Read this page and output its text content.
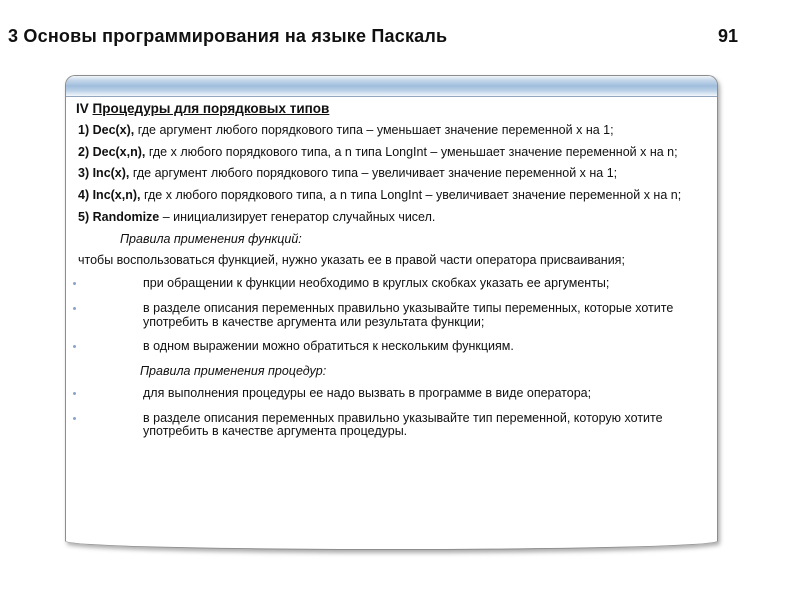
3 Основы программирования на языке Паскаль	91
IV Процедуры для порядковых типов

1) Dec(x), где аргумент любого порядкового типа – уменьшает значение переменной x на 1;

2) Dec(x,n), где x любого порядкового типа, а n типа LongInt – уменьшает значение переменной x на n;

3) Inc(x), где аргумент любого порядкового типа – увеличивает значение переменной x на 1;

4) Inc(x,n), где x любого порядкового типа, а n типа LongInt – увеличивает значение переменной x на n;

5) Randomize – инициализирует генератор случайных чисел.

Правила применения функций:

чтобы воспользоваться функцией, нужно указать ее в правой части оператора присваивания;

при обращении к функции необходимо в круглых скобках указать ее аргументы;

в разделе описания переменных правильно указывайте типы переменных, которые хотите употребить в качестве аргумента или результата функции;

в одном выражении можно обратиться к нескольким функциям.

Правила применения процедур:

для выполнения процедуры ее надо вызвать в программе в виде оператора;

в разделе описания переменных правильно указывайте тип переменной, которую хотите употребить в качестве аргумента процедуры.
